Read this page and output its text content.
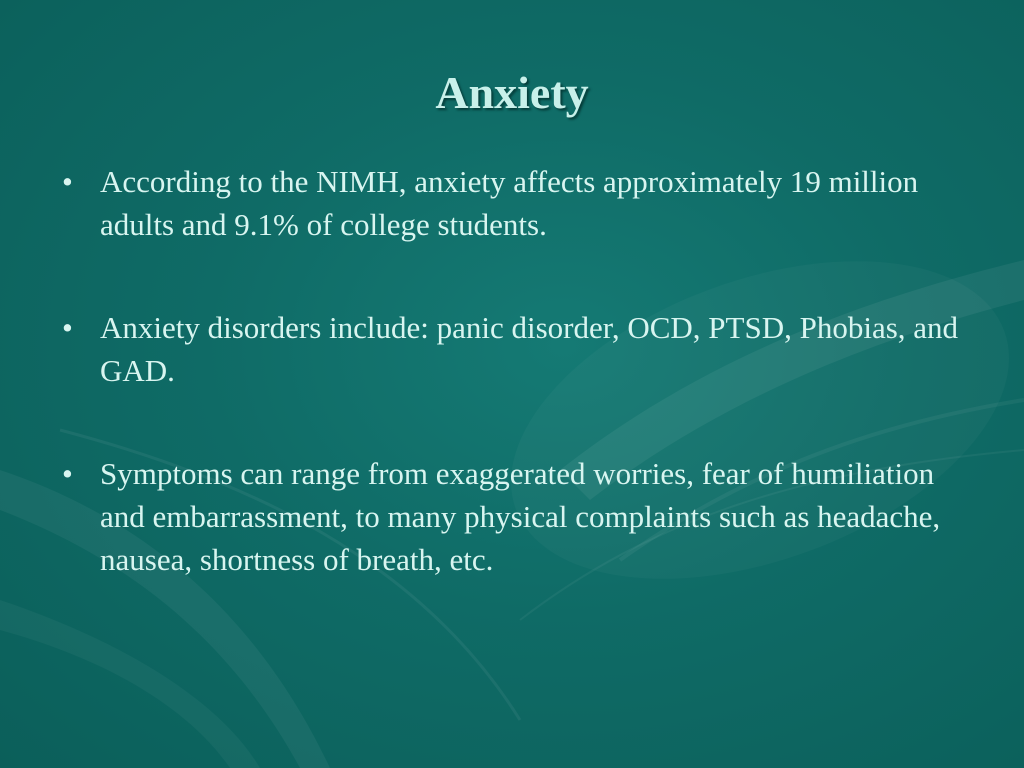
Anxiety
• According to the NIMH, anxiety affects approximately 19 million adults and 9.1% of college students.
• Anxiety disorders include: panic disorder, OCD, PTSD, Phobias, and GAD.
• Symptoms can range from exaggerated worries, fear of humiliation and embarrassment, to many physical complaints such as headache, nausea, shortness of breath, etc.
